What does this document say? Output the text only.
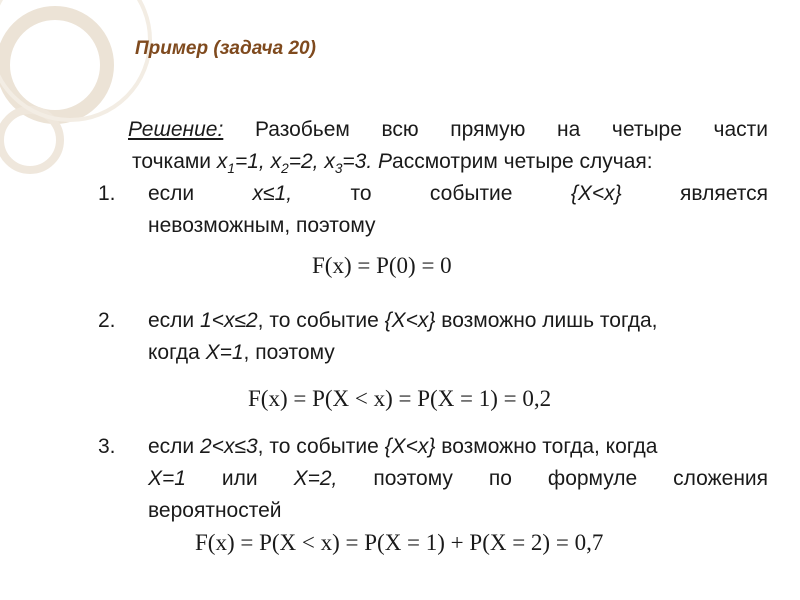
Пример (задача 20)
Решение: Разобьем всю прямую на четыре части
точками $x_1=1$, $x_2=2$, $x_3=3$. Рассмотрим четыре случая:
1. если	x≤1,	то	событие	{X<x}	является
невозможным, поэтому
F(x) = P(0) = 0
2. если 1<x≤2, то событие {X<x} возможно лишь тогда,
когда X=1, поэтому
F(x) = P(X < x) = P(X = 1) = 0,2
3. если 2<x≤3, то событие {X<x} возможно тогда, когда
X=1 или X=2, поэтому по формуле сложения
вероятностей
F(x) = P(X < x) = P(X = 1) + P(X = 2) = 0,7
